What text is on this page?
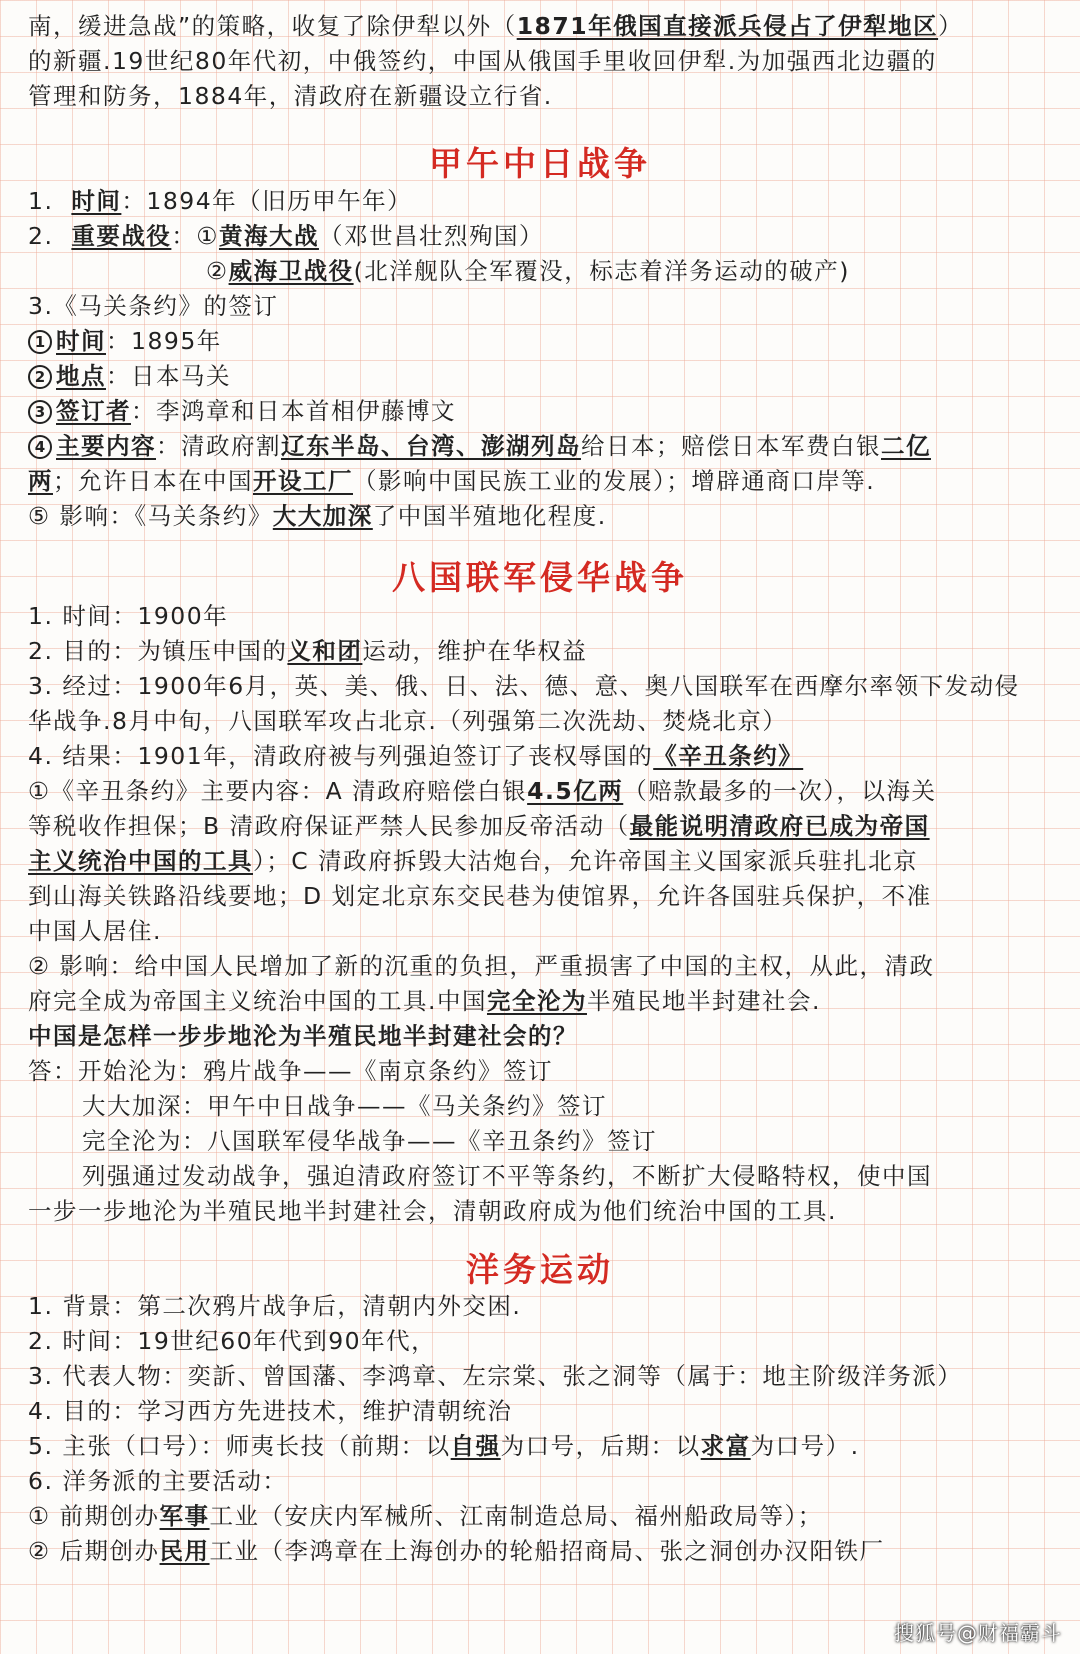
南，缓进急战”的策略，收复了除伊犁以外（1871年俄国直接派兵侵占了伊犁地区）
的新疆.19世纪80年代初，中俄签约，中国从俄国手里收回伊犁.为加强西北边疆的
管理和防务，1884年，清政府在新疆设立行省.
甲午中日战争
1. 时间：1894年（旧历甲午年）
2. 重要战役：①黄海大战（邓世昌壮烈殉国）
②威海卫战役(北洋舰队全军覆没，标志着洋务运动的破产)
3.《马关条约》的签订
1 时间：1895年
2 地点：日本马关
3 签订者：李鸿章和日本首相伊藤博文
4 主要内容：清政府割辽东半岛、台湾、澎湖列岛给日本；赔偿日本军费白银二亿
两；允许日本在中国开设工厂（影响中国民族工业的发展）；增辟通商口岸等.
⑤ 影响：《马关条约》大大加深了中国半殖地化程度.
八国联军侵华战争
1. 时间：1900年
2. 目的：为镇压中国的义和团运动，维护在华权益
3. 经过：1900年6月，英、美、俄、日、法、德、意、奥八国联军在西摩尔率领下发动侵
华战争.8月中旬，八国联军攻占北京.（列强第二次洗劫、焚烧北京）
4. 结果：1901年，清政府被与列强迫签订了丧权辱国的《辛丑条约》
①《辛丑条约》主要内容：A 清政府赔偿白银4.5亿两（赔款最多的一次），以海关
等税收作担保；B 清政府保证严禁人民参加反帝活动（最能说明清政府已成为帝国
主义统治中国的工具）；C 清政府拆毁大沽炮台，允许帝国主义国家派兵驻扎北京
到山海关铁路沿线要地；D 划定北京东交民巷为使馆界，允许各国驻兵保护，不准
中国人居住.
② 影响：给中国人民增加了新的沉重的负担，严重损害了中国的主权，从此，清政
府完全成为帝国主义统治中国的工具.中国完全沦为半殖民地半封建社会.
中国是怎样一步步地沦为半殖民地半封建社会的？
答：开始沦为：鸦片战争——《南京条约》签订
大大加深：甲午中日战争——《马关条约》签订
完全沦为：八国联军侵华战争——《辛丑条约》签订
列强通过发动战争，强迫清政府签订不平等条约，不断扩大侵略特权，使中国
一步一步地沦为半殖民地半封建社会，清朝政府成为他们统治中国的工具.
洋务运动
1. 背景：第二次鸦片战争后，清朝内外交困.
2. 时间：19世纪60年代到90年代，
3. 代表人物：奕訢、曾国藩、李鸿章、左宗棠、张之洞等（属于：地主阶级洋务派）
4. 目的：学习西方先进技术，维护清朝统治
5. 主张（口号）：师夷长技（前期：以自强为口号，后期：以求富为口号）.
6. 洋务派的主要活动：
① 前期创办军事工业（安庆内军械所、江南制造总局、福州船政局等）；
② 后期创办民用工业（李鸿章在上海创办的轮船招商局、张之洞创办汉阳铁厂
搜狐号@财福霸斗
